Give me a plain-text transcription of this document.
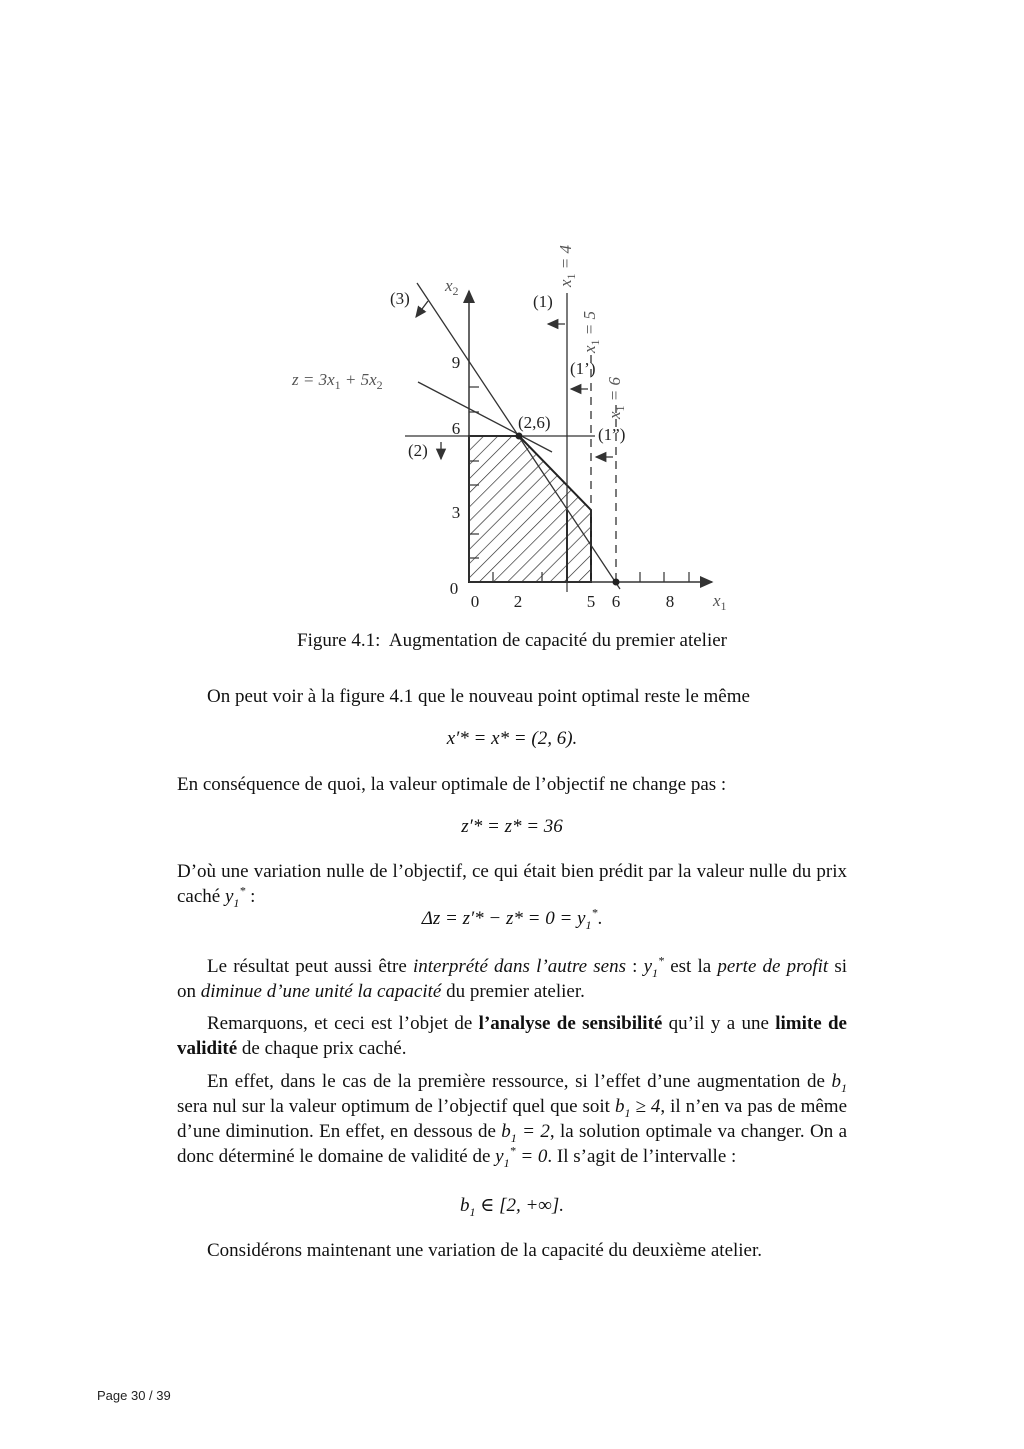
0
3
6
9
0 2	5 6	8 $x_1$
$x_2$
(3)	(1)
(1’)
(1”)
(2)
(2,6)
$z = 3x_1 + 5x_2$
$x_1 = 4$
$x_1 = 5$
$x_1 = 6$
Figure 4.1: Augmentation de capacité du premier atelier
On peut voir à la figure 4.1 que le nouveau point optimal reste le même
x′* = x* = (2, 6).
En conséquence de quoi, la valeur optimale de l’objectif ne change pas :
z′* = z* = 36
D’où une variation nulle de l’objectif, ce qui était bien prédit par la valeur nulle du prix caché $y_1^*$ :
$\Delta z = z'* - z* = 0 = y_1^*$.
Le résultat peut aussi être interprété dans l’autre sens : $y_1^*$ est la perte de profit si on diminue d’une unité la capacité du premier atelier.
Remarquons, et ceci est l’objet de l’analyse de sensibilité qu’il y a une limite de validité de chaque prix caché.
En effet, dans le cas de la première ressource, si l’effet d’une augmentation de $b_1$ sera nul sur la valeur optimum de l’objectif quel que soit $b_1 \ge 4$, il n’en va pas de même d’une diminution. En effet, en dessous de $b_1 = 2$, la solution optimale va changer. On a donc déterminé le domaine de validité de $y_1^* = 0$. Il s’agit de l’intervalle :
$b_1$ ∈ [2, +∞].
Considérons maintenant une variation de la capacité du deuxième atelier.
Page 30 / 39
